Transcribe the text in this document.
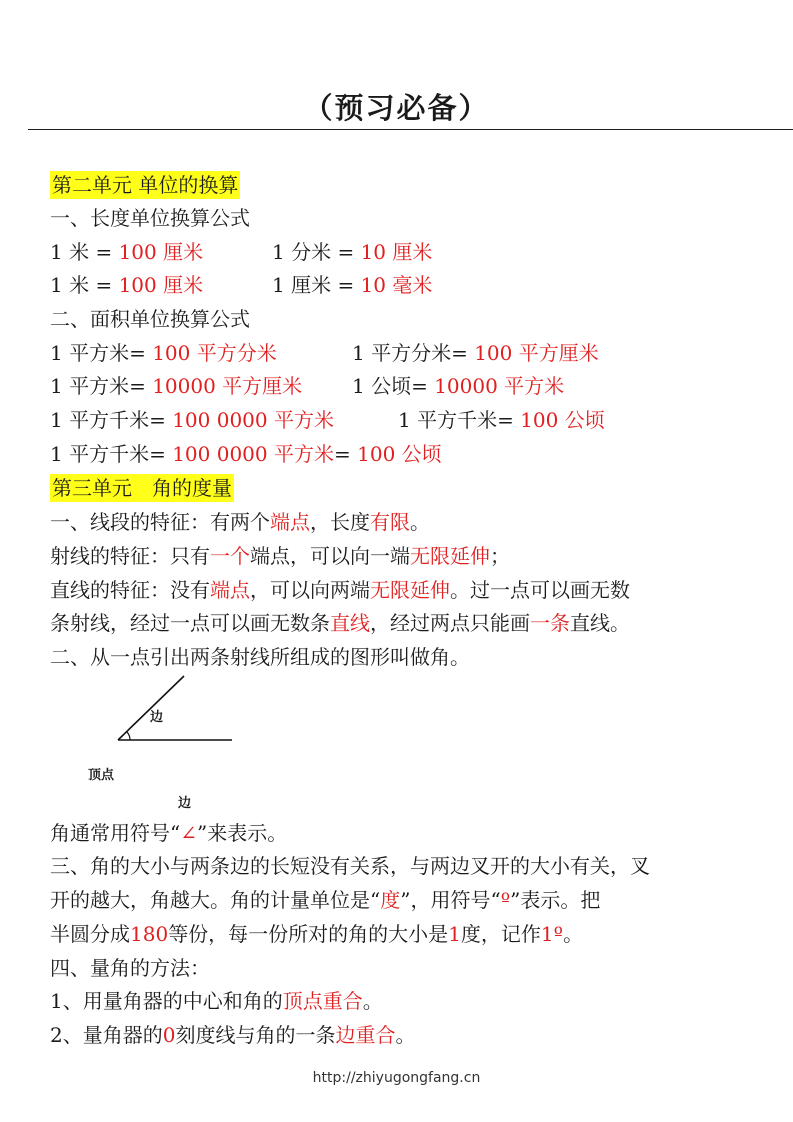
（预习必备）
第二单元 单位的换算
一、长度单位换算公式
1 米 = 100 厘米	1 分米 = 10 厘米
1 米 = 100 厘米	1 厘米 = 10 毫米
二、面积单位换算公式
1 平方米= 100 平方分米	1 平方分米= 100 平方厘米
1 平方米= 10000 平方厘米 1 公顷= 10000 平方米
1 平方千米= 100 0000 平方米	1 平方千米= 100 公顷
1 平方千米= 100 0000 平方米= 100 公顷
第三单元　角的度量
一、线段的特征：有两个端点，长度有限。
射线的特征：只有一个端点，可以向一端无限延伸；
直线的特征：没有端点，可以向两端无限延伸。过一点可以画无数
条射线，经过一点可以画无数条直线，经过两点只能画一条直线。
二、从一点引出两条射线所组成的图形叫做角。
边
顶点
边
角通常用符号“∠”来表示。
三、角的大小与两条边的长短没有关系，与两边叉开的大小有关，叉
开的越大，角越大。角的计量单位是“度”，用符号“º”表示。把
半圆分成180等份，每一份所对的角的大小是1度，记作1º。
四、量角的方法：
1、用量角器的中心和角的顶点重合。
2、量角器的0刻度线与角的一条边重合。
http://zhiyugongfang.cn
